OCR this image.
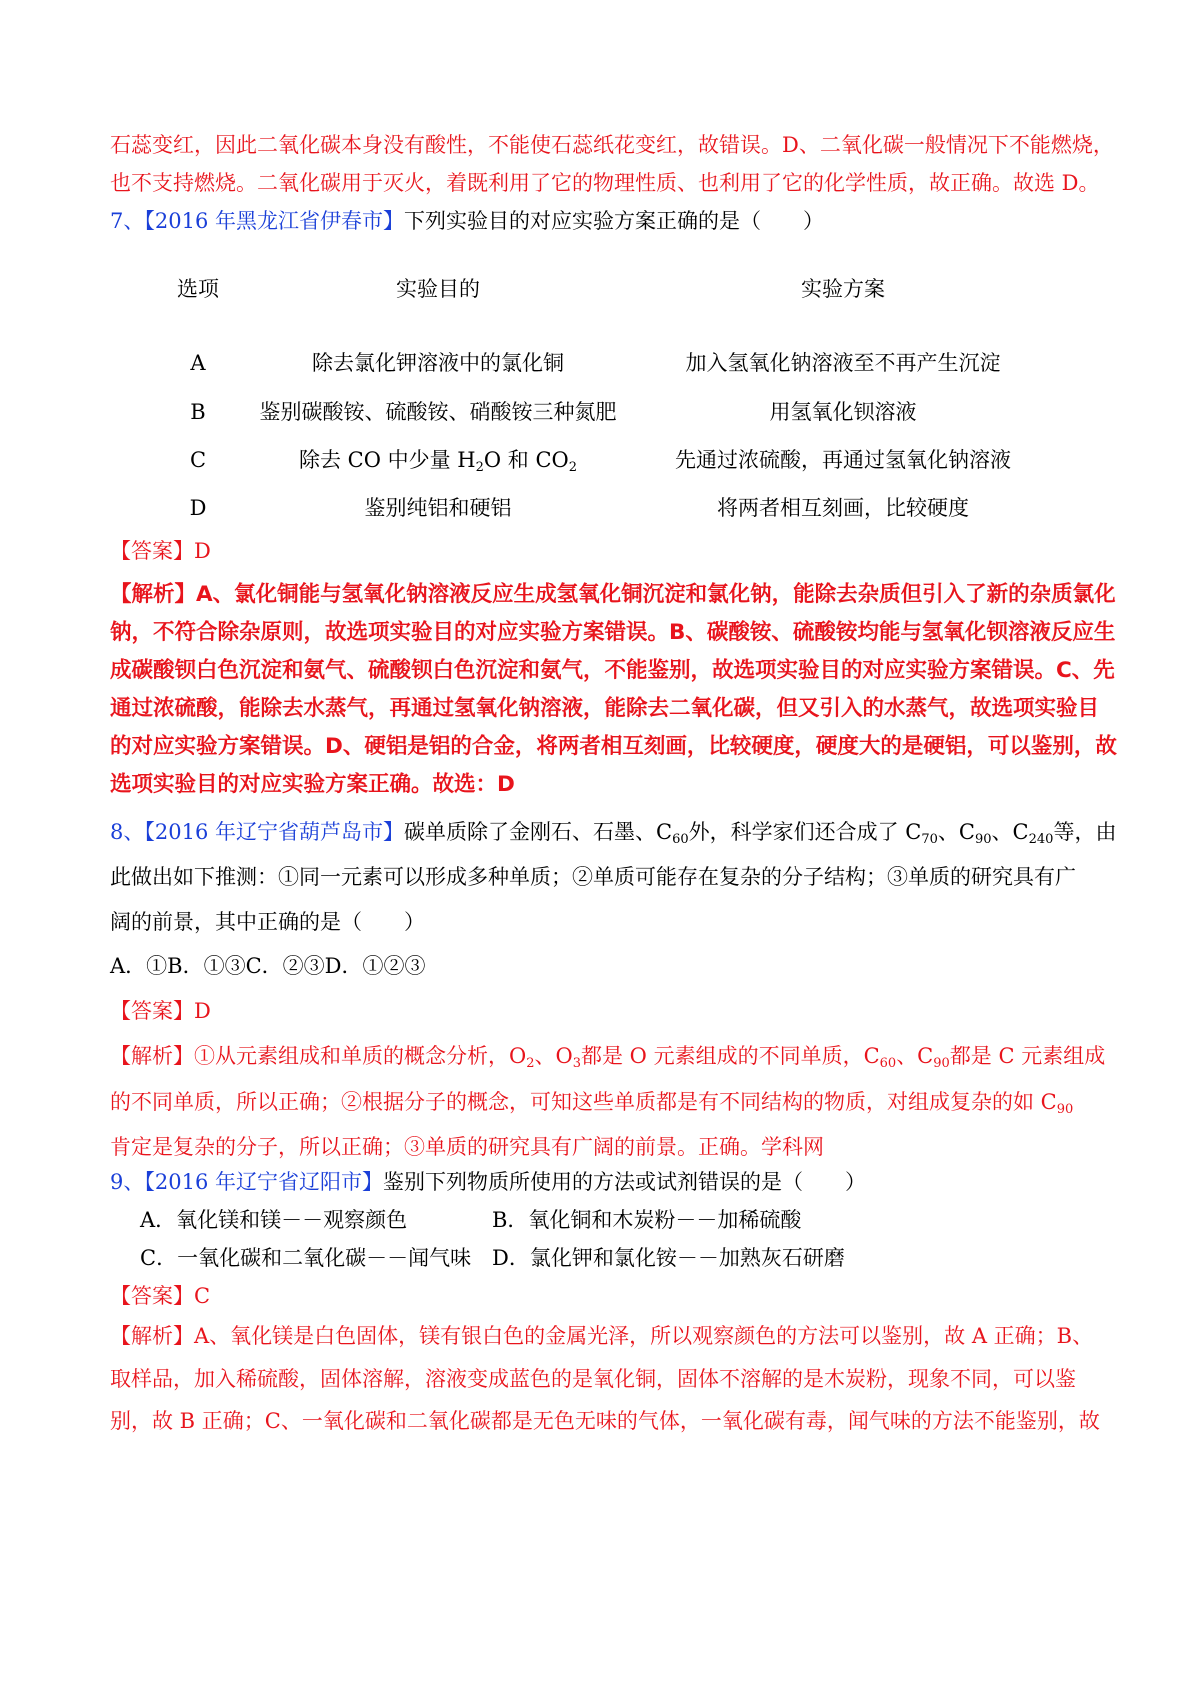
石蕊变红，因此二氧化碳本身没有酸性，不能使石蕊纸花变红，故错误。D、二氧化碳一般情况下不能燃烧，
也不支持燃烧。二氧化碳用于灭火，着既利用了它的物理性质、也利用了它的化学性质，故正确。故选 D。
7、【2016 年黑龙江省伊春市】下列实验目的对应实验方案正确的是（　　）
选项	实验目的	实验方案
A	除去氯化钾溶液中的氯化铜	加入氢氧化钠溶液至不再产生沉淀
B	鉴别碳酸铵、硫酸铵、硝酸铵三种氮肥	用氢氧化钡溶液
C	除去 CO 中少量 $H_2O$ 和 $CO_2$	先通过浓硫酸，再通过氢氧化钠溶液
D	鉴别纯铝和硬铝	将两者相互刻画，比较硬度
【答案】D
【解析】A、氯化铜能与氢氧化钠溶液反应生成氢氧化铜沉淀和氯化钠，能除去杂质但引入了新的杂质氯化
钠，不符合除杂原则，故选项实验目的对应实验方案错误。B、碳酸铵、硫酸铵均能与氢氧化钡溶液反应生
成碳酸钡白色沉淀和氨气、硫酸钡白色沉淀和氨气，不能鉴别，故选项实验目的对应实验方案错误。C、先
通过浓硫酸，能除去水蒸气，再通过氢氧化钠溶液，能除去二氧化碳，但又引入的水蒸气，故选项实验目
的对应实验方案错误。D、硬铝是铝的合金，将两者相互刻画，比较硬度，硬度大的是硬铝，可以鉴别，故
选项实验目的对应实验方案正确。故选：D
8、【2016 年辽宁省葫芦岛市】碳单质除了金刚石、石墨、$C_{60}$外，科学家们还合成了 $C_{70}$、$C_{90}$、$C_{240}$等，由
此做出如下推测：①同一元素可以形成多种单质；②单质可能存在复杂的分子结构；③单质的研究具有广
阔的前景，其中正确的是（　　）
A．①B．①③C．②③D．①②③
【答案】D
【解析】①从元素组成和单质的概念分析，$O_2$、$O_3$都是 O 元素组成的不同单质，$C_{60}$、$C_{90}$都是 C 元素组成
的不同单质，所以正确；②根据分子的概念，可知这些单质都是有不同结构的物质，对组成复杂的如 $C_{90}$
肯定是复杂的分子，所以正确；③单质的研究具有广阔的前景。正确。学科网
9、【2016 年辽宁省辽阳市】鉴别下列物质所使用的方法或试剂错误的是（　　）
A．氧化镁和镁－－观察颜色	B．氧化铜和木炭粉－－加稀硫酸
C．一氧化碳和二氧化碳－－闻气味 D．氯化钾和氯化铵－－加熟灰石研磨
【答案】C
【解析】A、氧化镁是白色固体，镁有银白色的金属光泽，所以观察颜色的方法可以鉴别，故 A 正确；B、
取样品，加入稀硫酸，固体溶解，溶液变成蓝色的是氧化铜，固体不溶解的是木炭粉，现象不同，可以鉴
别，故 B 正确；C、一氧化碳和二氧化碳都是无色无味的气体，一氧化碳有毒，闻气味的方法不能鉴别，故
